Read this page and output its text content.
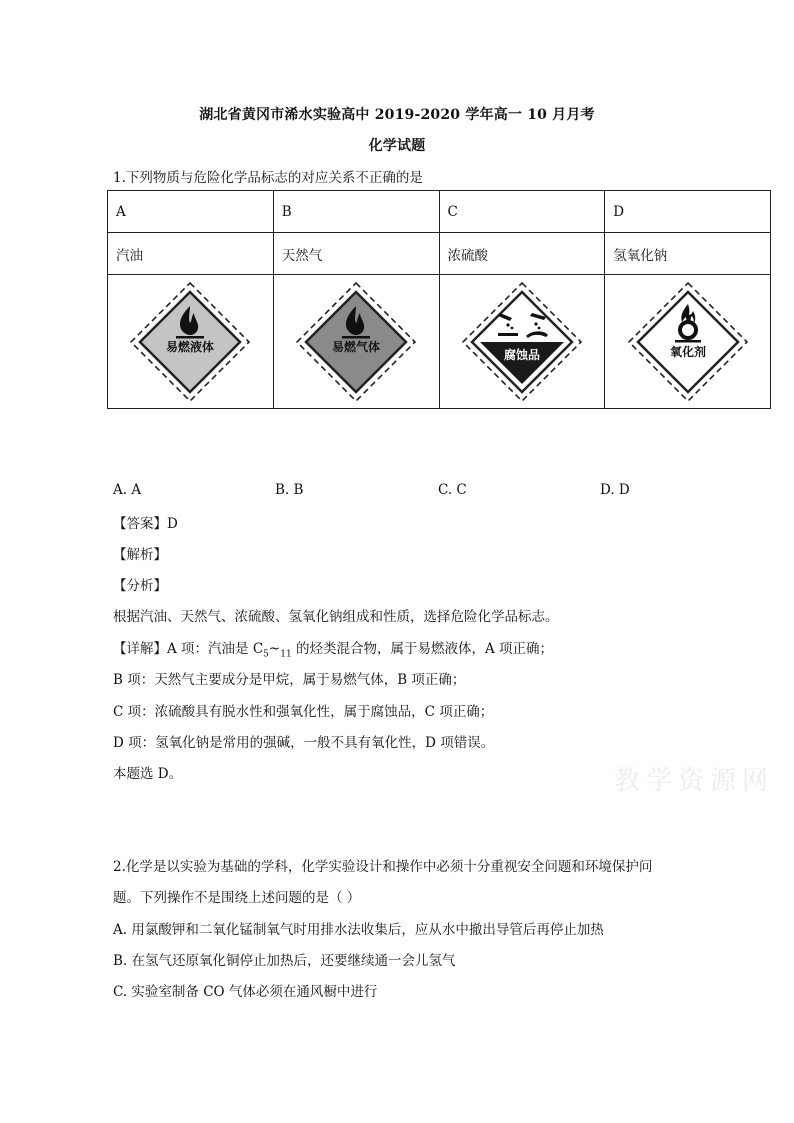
湖北省黄冈市浠水实验高中 2019-2020 学年高一 10 月月考
化学试题
1.下列物质与危险化学品标志的对应关系不正确的是
A	B	C	D
汽油	天然气	浓硫酸	氢氧化钠

易燃液体	易燃气体	腐蚀品	氧化剂
A. A	B. B	C. C	D. D
【答案】D
【解析】
【分析】
根据汽油、天然气、浓硫酸、氢氧化钠组成和性质，选择危险化学品标志。
【详解】A 项：汽油是 $C_5\sim_{11}$ 的烃类混合物，属于易燃液体，A 项正确；
B 项：天然气主要成分是甲烷，属于易燃气体，B 项正确；
C 项：浓硫酸具有脱水性和强氧化性，属于腐蚀品，C 项正确；
D 项：氢氧化钠是常用的强碱，一般不具有氧化性，D 项错误。
本题选 D。	教学资源网
2.化学是以实验为基础的学科，化学实验设计和操作中必须十分重视安全问题和环境保护问
题。下列操作不是围绕上述问题的是（ ）
A. 用氯酸钾和二氧化锰制氧气时用排水法收集后，应从水中撤出导管后再停止加热
B. 在氢气还原氧化铜停止加热后，还要继续通一会儿氢气
C. 实验室制备 CO 气体必须在通风橱中进行
